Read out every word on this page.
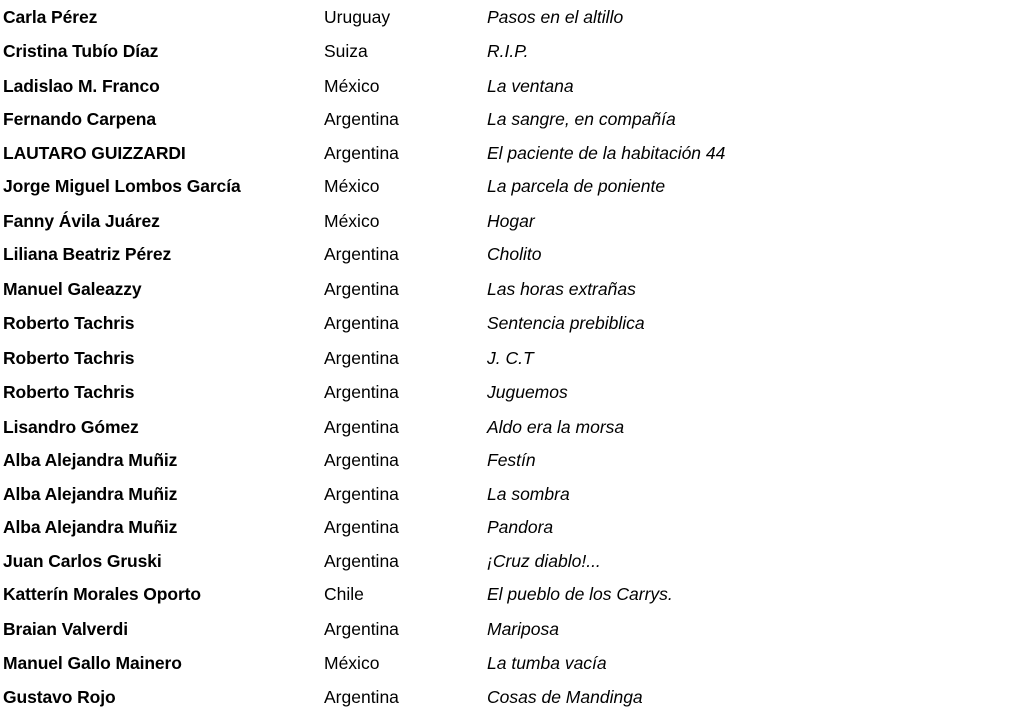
Carla Pérez	Uruguay	Pasos en el altillo
Cristina Tubío Díaz	Suiza	R.I.P.
Ladislao M. Franco	México	La ventana
Fernando Carpena	Argentina	La sangre, en compañía
LAUTARO GUIZZARDI	Argentina	El paciente de la habitación 44
Jorge Miguel Lombos García	México	La parcela de poniente
Fanny Ávila Juárez	México	Hogar
Liliana Beatriz Pérez	Argentina	Cholito
Manuel Galeazzy	Argentina	Las horas extrañas
Roberto Tachris	Argentina	Sentencia prebiblica
Roberto Tachris	Argentina	J. C.T
Roberto Tachris	Argentina	Juguemos
Lisandro Gómez	Argentina	Aldo era la morsa
Alba Alejandra Muñiz	Argentina	Festín
Alba Alejandra Muñiz	Argentina	La sombra
Alba Alejandra Muñiz	Argentina	Pandora
Juan Carlos Gruski	Argentina	¡Cruz diablo!...
Katterín Morales Oporto	Chile	El pueblo de los Carrys.
Braian Valverdi	Argentina	Mariposa
Manuel Gallo Mainero	México	La tumba vacía
Gustavo Rojo	Argentina	Cosas de Mandinga
